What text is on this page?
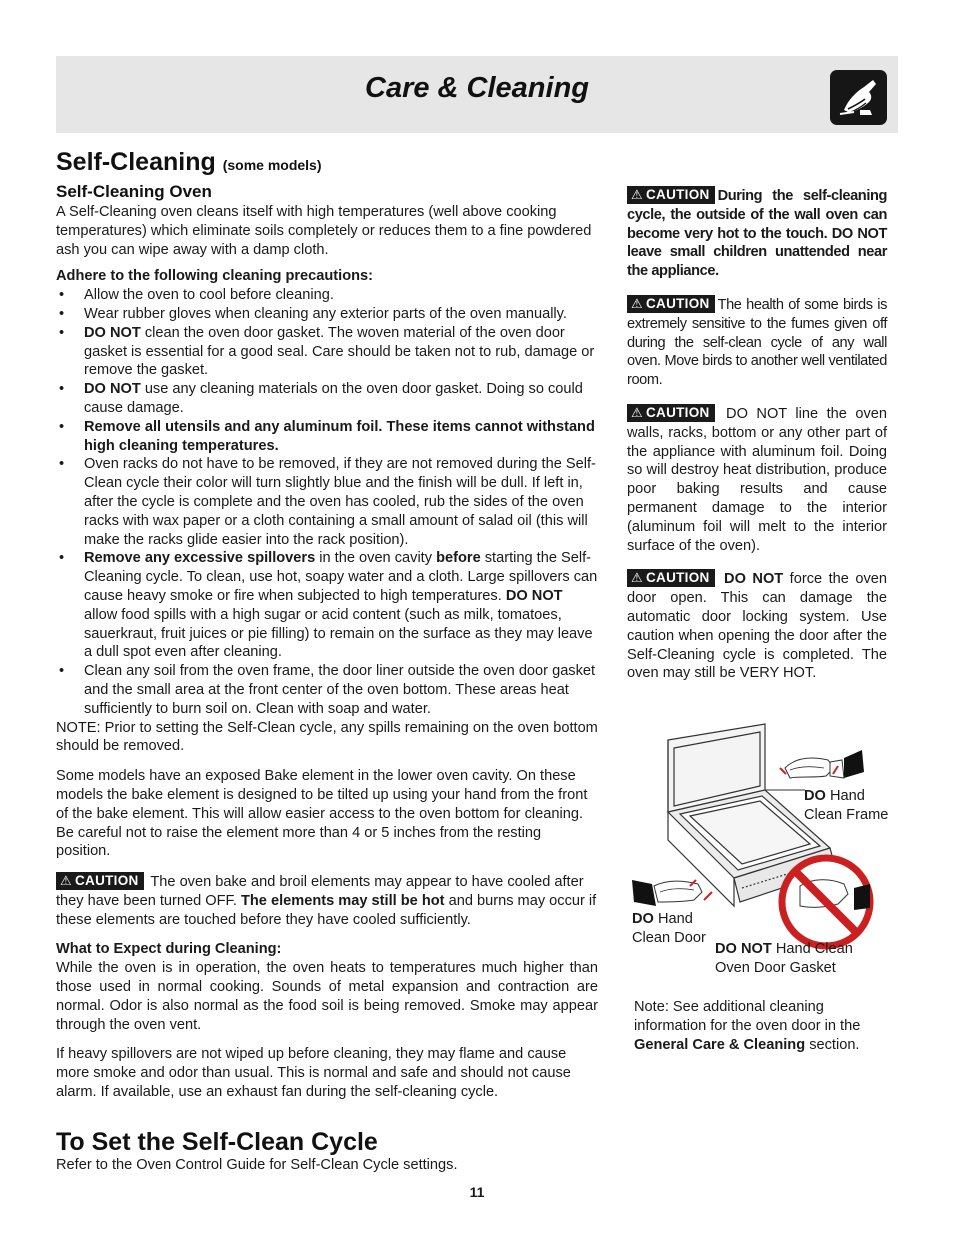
Care & Cleaning
Self-Cleaning (some models)
Self-Cleaning Oven

A Self-Cleaning oven cleans itself with high temperatures (well above cooking temperatures) which eliminate soils completely or reduces them to a fine powdered ash you can wipe away with a damp cloth.

Adhere to the following cleaning precautions:

• Allow the oven to cool before cleaning.
• Wear rubber gloves when cleaning any exterior parts of the oven manually.
• DO NOT clean the oven door gasket. The woven material of the oven door gasket is essential for a good seal. Care should be taken not to rub, damage or remove the gasket.
• DO NOT use any cleaning materials on the oven door gasket. Doing so could cause damage.
• Remove all utensils and any aluminum foil. These items cannot withstand high cleaning temperatures.
• Oven racks do not have to be removed, if they are not removed during the Self-Clean cycle their color will turn slightly blue and the finish will be dull. If left in, after the cycle is complete and the oven has cooled, rub the sides of the oven racks with wax paper or a cloth containing a small amount of salad oil (this will make the racks glide easier into the rack position).
• Remove any excessive spillovers in the oven cavity before starting the Self-Cleaning cycle. To clean, use hot, soapy water and a cloth. Large spillovers can cause heavy smoke or fire when subjected to high temperatures. DO NOT allow food spills with a high sugar or acid content (such as milk, tomatoes, sauerkraut, fruit juices or pie filling) to remain on the surface as they may leave a dull spot even after cleaning.
• Clean any soil from the oven frame, the door liner outside the oven door gasket and the small area at the front center of the oven bottom. These areas heat sufficiently to burn soil on. Clean with soap and water.

NOTE: Prior to setting the Self-Clean cycle, any spills remaining on the oven bottom should be removed.

Some models have an exposed Bake element in the lower oven cavity. On these models the bake element is designed to be tilted up using your hand from the front of the bake element. This will allow easier access to the oven bottom for cleaning. Be careful not to raise the element more than 4 or 5 inches from the resting position.

⚠ CAUTION The oven bake and broil elements may appear to have cooled after they have been turned OFF. The elements may still be hot and burns may occur if these elements are touched before they have cooled sufficiently.

What to Expect during Cleaning:

While the oven is in operation, the oven heats to temperatures much higher than those used in normal cooking. Sounds of metal expansion and contraction are normal. Odor is also normal as the food soil is being removed. Smoke may appear through the oven vent.

If heavy spillovers are not wiped up before cleaning, they may flame and cause more smoke and odor than usual. This is normal and safe and should not cause alarm. If available, use an exhaust fan during the self-cleaning cycle.

To Set the Self-Clean Cycle
Refer to the Oven Control Guide for Self-Clean Cycle settings.
11

⚠ CAUTION During the self-cleaning cycle, the outside of the wall oven can become very hot to the touch. DO NOT leave small children unattended near the appliance.

⚠ CAUTION The health of some birds is extremely sensitive to the fumes given off during the self-clean cycle of any wall oven. Move birds to another well ventilated room.

⚠ CAUTION DO NOT line the oven walls, racks, bottom or any other part of the appliance with aluminum foil. Doing so will destroy heat distribution, produce poor baking results and cause permanent damage to the interior (aluminum foil will melt to the interior surface of the oven).

⚠ CAUTION DO NOT force the oven door open. This can damage the automatic door locking system. Use caution when opening the door after the Self-Cleaning cycle is completed. The oven may still be VERY HOT.

DO Hand Clean Frame
DO Hand Clean Door
DO NOT Hand Clean Oven Door Gasket
Note: See additional cleaning information for the oven door in the General Care & Cleaning section.
